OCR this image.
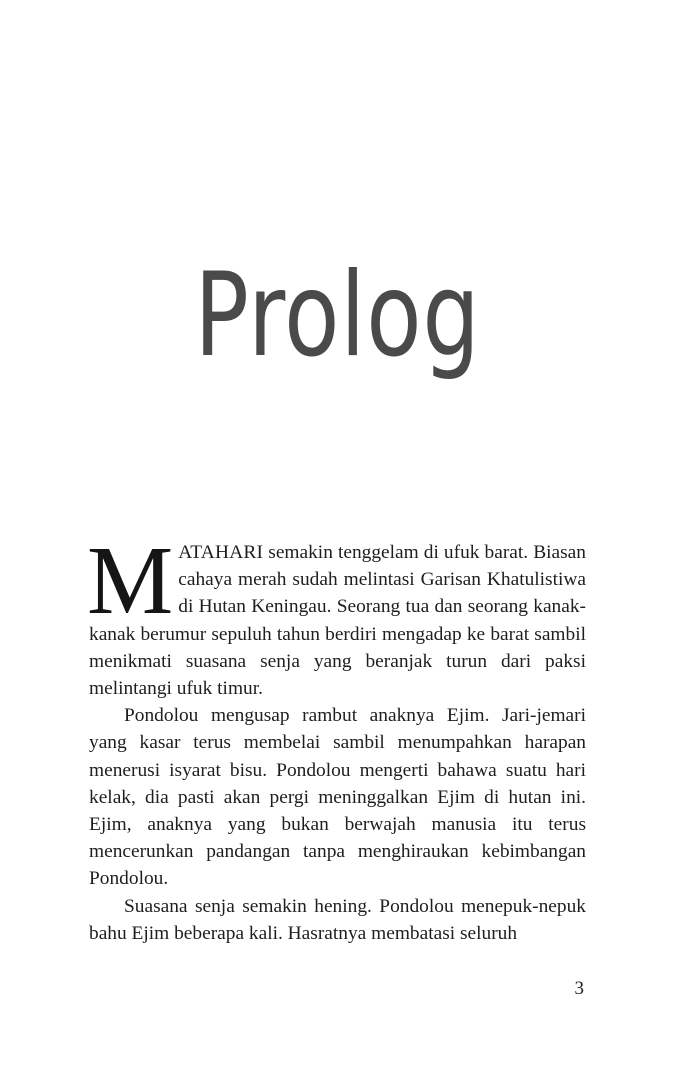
Prolog

MATAHARI semakin tenggelam di ufuk barat. Biasan cahaya merah sudah melintasi Garisan Khatulistiwa di Hutan Keningau. Seorang tua dan seorang kanak-kanak berumur sepuluh tahun berdiri mengadap ke barat sambil menikmati suasana senja yang beranjak turun dari paksi melintangi ufuk timur.

Pondolou mengusap rambut anaknya Ejim. Jari-jemari yang kasar terus membelai sambil menumpahkan harapan menerusi isyarat bisu. Pondolou mengerti bahawa suatu hari kelak, dia pasti akan pergi meninggalkan Ejim di hutan ini. Ejim, anaknya yang bukan berwajah manusia itu terus mencerunkan pandangan tanpa menghiraukan kebimbangan Pondolou.

Suasana senja semakin hening. Pondolou menepuk-nepuk bahu Ejim beberapa kali. Hasratnya membatasi seluruh

3
